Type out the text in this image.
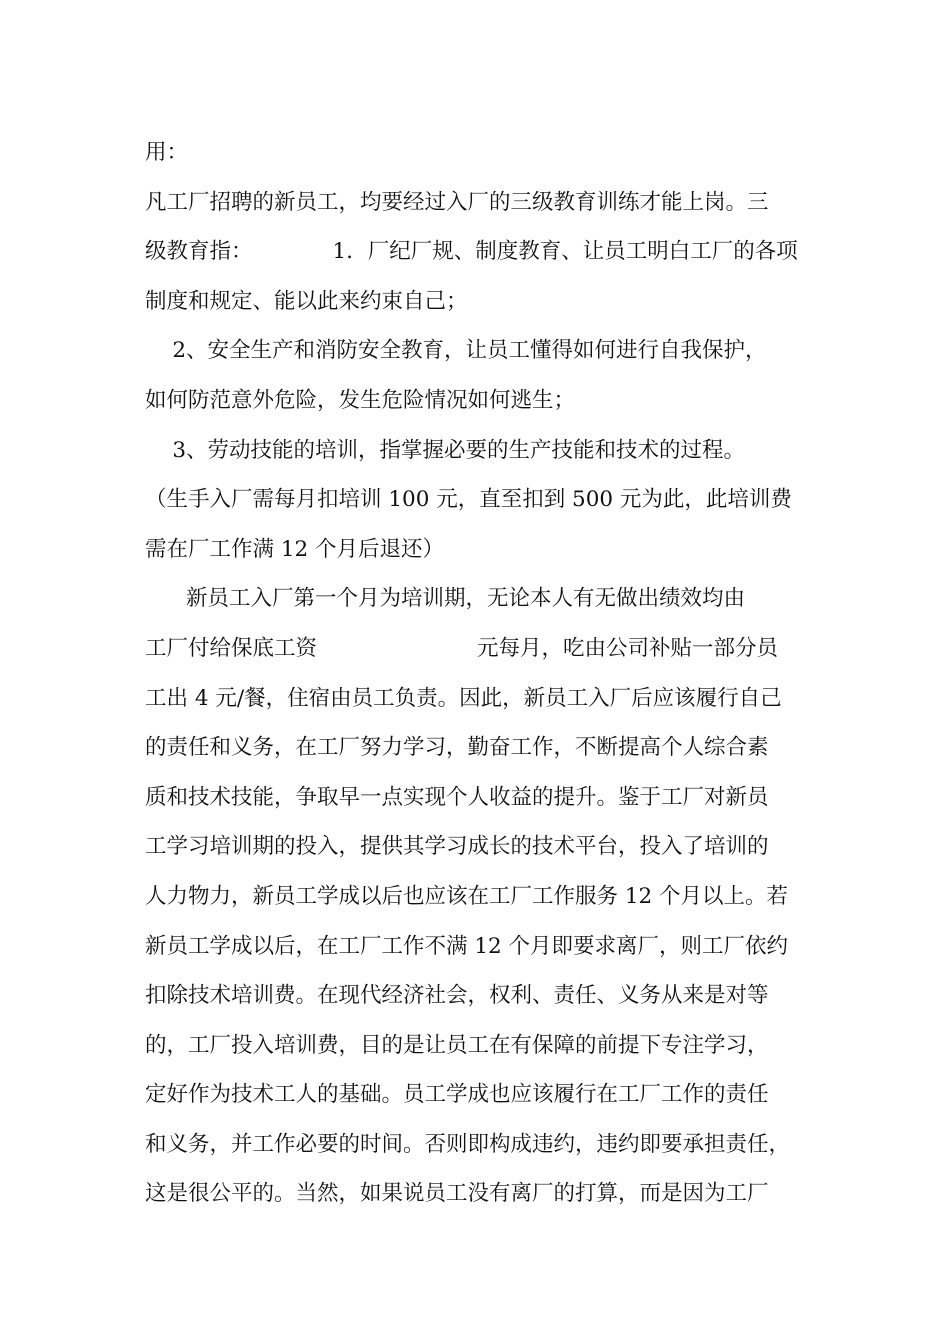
用：
凡工厂招聘的新员工，均要经过入厂的三级教育训练才能上岗。三
级教育指：	1．厂纪厂规、制度教育、让员工明白工厂的各项
制度和规定、能以此来约束自己；
2、安全生产和消防安全教育，让员工懂得如何进行自我保护，
如何防范意外危险，发生危险情况如何逃生；
3、劳动技能的培训，指掌握必要的生产技能和技术的过程。
（生手入厂需每月扣培训 100 元，直至扣到 500 元为此，此培训费
需在厂工作满 12 个月后退还）
新员工入厂第一个月为培训期，无论本人有无做出绩效均由
工厂付给保底工资	元每月，吃由公司补贴一部分员
工出 4 元/餐，住宿由员工负责。因此，新员工入厂后应该履行自己
的责任和义务，在工厂努力学习，勤奋工作，不断提高个人综合素
质和技术技能，争取早一点实现个人收益的提升。鉴于工厂对新员
工学习培训期的投入，提供其学习成长的技术平台，投入了培训的
人力物力，新员工学成以后也应该在工厂工作服务 12 个月以上。若
新员工学成以后，在工厂工作不满 12 个月即要求离厂，则工厂依约
扣除技术培训费。在现代经济社会，权利、责任、义务从来是对等
的，工厂投入培训费，目的是让员工在有保障的前提下专注学习，
定好作为技术工人的基础。员工学成也应该履行在工厂工作的责任
和义务，并工作必要的时间。否则即构成违约，违约即要承担责任，
这是很公平的。当然，如果说员工没有离厂的打算，而是因为工厂
